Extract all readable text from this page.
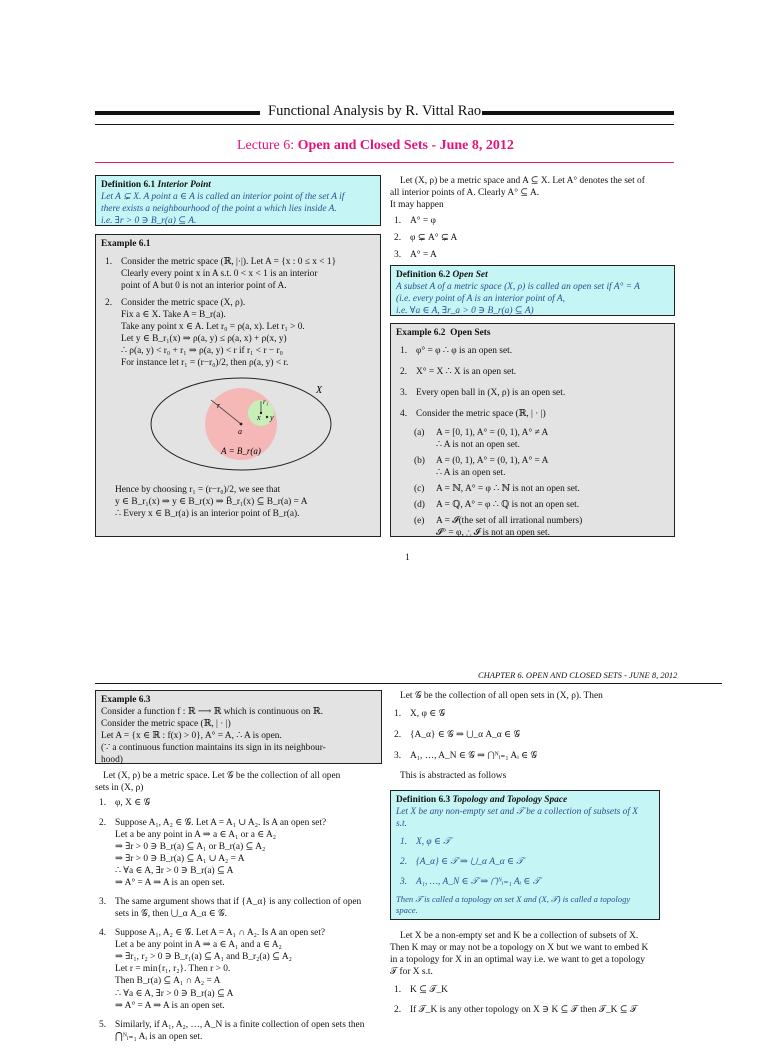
Functional Analysis by R. Vittal Rao
Lecture 6: Open and Closed Sets - June 8, 2012
Definition 6.1 Interior Point
Let A ⊊ X. A point a ∈ A is called an interior point of the set A if
there exists a neighbourhood of the point a which lies inside A.
i.e. ∃r > 0 ∋ B_r(a) ⊆ A.
Example 6.1
1. Consider the metric space (ℝ, |·|). Let A = {x : 0 ≤ x < 1}
Clearly every point x in A s.t. 0 < x < 1 is an interior
point of A but 0 is not an interior point of A.
2. Consider the metric space (X, ρ).
Fix a ∈ X. Take A = B_r(a).
Take any point x ∈ A. Let r₀ = ρ(a, x). Let r₁ > 0.
Let y ∈ B_r₁(x) ⇒ ρ(a, y) ≤ ρ(a, x) + ρ(x, y)
∴ ρ(a, y) < r₀ + r₁ ⇒ ρ(a, y) < r if r₁ < r − r₀
For instance let r₁ = (r−r₀)/2, then ρ(a, y) < r.
X
r	r₁
x y
a
A = B_r(a)
Hence by choosing r₁ = (r−r₀)/2, we see that
y ∈ B_r₁(x) ⇒ y ∈ B_r(x) ⇒ B̄_r₁(x) ⊆ B_r(a) = A
∴ Every x ∈ B_r(a) is an interior point of B_r(a).
Let (X, ρ) be a metric space and A ⊆ X. Let A° denotes the set of
all interior points of A. Clearly A° ⊆ A.
It may happen
1. A° = φ
2. φ ⊊ A° ⊊ A
3. A° = A
Definition 6.2 Open Set
A subset A of a metric space (X, ρ) is called an open set if A° = A
(i.e. every point of A is an interior point of A,
i.e. ∀a ∈ A, ∃r_a > 0 ∋ B_r(a) ⊆ A)
Example 6.2 Open Sets
1. φ° = φ ∴ φ is an open set.
2. X° = X ∴ X is an open set.
3. Every open ball in (X, ρ) is an open set.
4. Consider the metric space (ℝ, | · |)
(a)	A = [0, 1), A° = (0, 1), A° ≠ A
∴ A is not an open set.
(b)	A = (0, 1), A° = (0, 1), A° = A
∴ A is an open set.
(c)	A = ℕ, A° = φ ∴ ℕ is not an open set.
(d)	A = ℚ, A° = φ ∴ ℚ is not an open set.
(e)	A = 𝓘(the set of all irrational numbers)
𝓘° = φ, ∴ 𝓘 is not an open set.
1
CHAPTER 6. OPEN AND CLOSED SETS - JUNE 8, 2012
Example 6.3
Consider a function f : ℝ ⟶ ℝ which is continuous on ℝ.
Consider the metric space (ℝ, | · |)
Let A = {x ∈ ℝ : f(x) > 0}, A° = A, ∴ A is open.
(∵ a continuous function maintains its sign in its neighbour-
hood)
Let (X, ρ) be a metric space. Let 𝒢 be the collection of all open
sets in (X, ρ)
1. φ, X ∈ 𝒢
2. Suppose A₁, A₂ ∈ 𝒢. Let A = A₁ ∪ A₂. Is A an open set?
Let a be any point in A ⇒ a ∈ A₁ or a ∈ A₂
⇒ ∃r > 0 ∋ B_r(a) ⊆ A₁ or B_r(a) ⊆ A₂
⇒ ∃r > 0 ∋ B_r(a) ⊆ A₁ ∪ A₂ = A
∴ ∀a ∈ A, ∃r > 0 ∋ B_r(a) ⊆ A
⇒ A° = A ⇒ A is an open set.
3. The same argument shows that if {A_α} is any collection of open
sets in 𝒢, then ⋃_α A_α ∈ 𝒢.
4. Suppose A₁, A₂ ∈ 𝒢. Let A = A₁ ∩ A₂. Is A an open set?
Let a be any point in A ⇒ a ∈ A₁ and a ∈ A₂
⇒ ∃r₁, r₂ > 0 ∋ B_r₁(a) ⊆ A₁ and B_r₂(a) ⊆ A₂
Let r = min{r₁, r₂}. Then r > 0.
Then B_r(a) ⊆ A₁ ∩ A₂ = A
∴ ∀a ∈ A, ∃r > 0 ∋ B_r(a) ⊆ A
⇒ A° = A ⇒ A is an open set.
5. Similarly, if A₁, A₂, …, A_N is a finite collection of open sets then
⋂ᴺᵢ₌₁ Aᵢ is an open set.
Let 𝒢 be the collection of all open sets in (X, ρ). Then
1. X, φ ∈ 𝒢
2. {A_α} ∈ 𝒢 ⇒ ⋃_α A_α ∈ 𝒢
3. A₁, …, A_N ∈ 𝒢 ⇒ ⋂ᴺᵢ₌₁ Aᵢ ∈ 𝒢
This is abstracted as follows
Definition 6.3 Topology and Topology Space
Let X be any non-empty set and 𝒯 be a collection of subsets of X
s.t.
1. X, φ ∈ 𝒯
2. {A_α} ∈ 𝒯 ⇒ ⋃_α A_α ∈ 𝒯
3. A₁, …, A_N ∈ 𝒯 ⇒ ⋂ᴺᵢ₌₁ Aᵢ ∈ 𝒯
Then 𝒯 is called a topology on set X and (X, 𝒯) is called a topology
space.
Let X be a non-empty set and K be a collection of subsets of X.
Then K may or may not be a topology on X but we want to embed K
in a topology for X in an optimal way i.e. we want to get a topology
𝒯 for X s.t.
1. K ⊆ 𝒯_K
2. If 𝒯_K is any other topology on X ∋ K ⊆ 𝒯 then 𝒯_K ⊆ 𝒯
